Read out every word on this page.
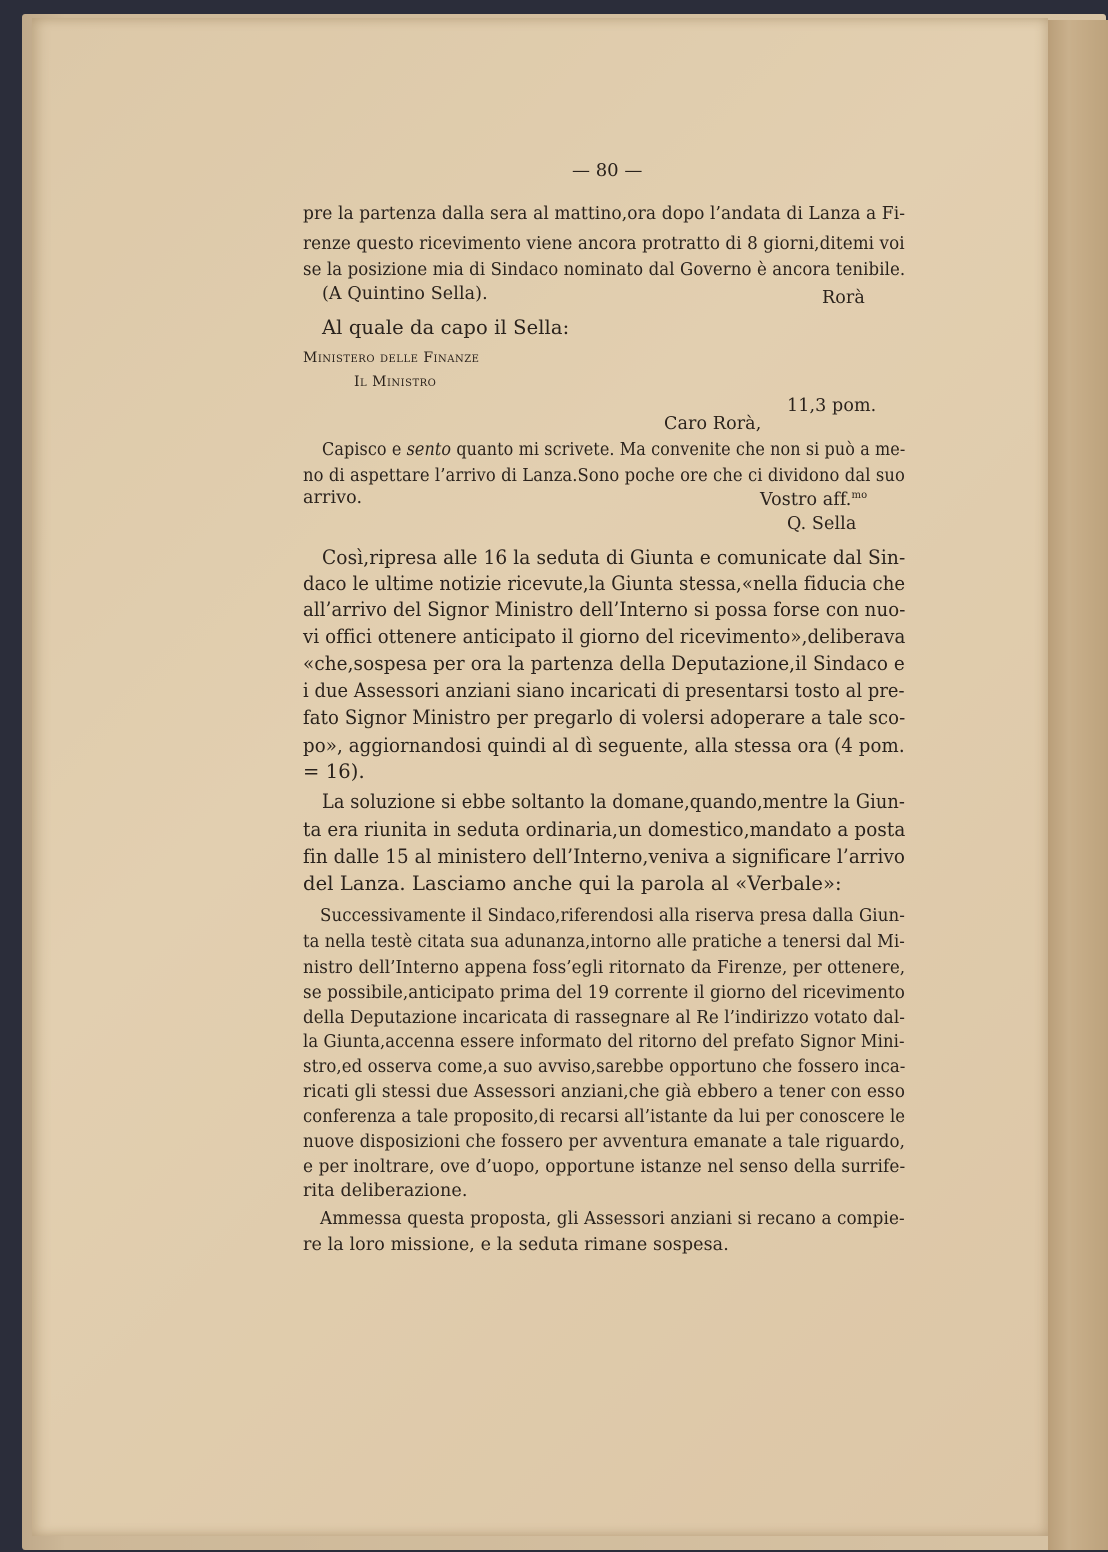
— 80 —
pre la partenza dalla sera al mattino,ora dopo l’andata di Lanza a Fi-
renze questo ricevimento viene ancora protratto di 8 giorni,ditemi voi
se la posizione mia di Sindaco nominato dal Governo è ancora tenibile.
(A Quintino Sella).	Rorà
Al quale da capo il Sella:
Ministero delle Finanze
Il Ministro
11,3 pom.
Caro Rorà,
Capisco e sento quanto mi scrivete. Ma convenite che non si può a me-
no di aspettare l’arrivo di Lanza.Sono poche ore che ci dividono dal suo
arrivo.	Vostro aff.$^{mo}$
Q. Sella
Così,ripresa alle 16 la seduta di Giunta e comunicate dal Sin-
daco le ultime notizie ricevute,la Giunta stessa,«nella fiducia che
all’arrivo del Signor Ministro dell’Interno si possa forse con nuo-
vi offici ottenere anticipato il giorno del ricevimento»,deliberava
«che,sospesa per ora la partenza della Deputazione,il Sindaco e
i due Assessori anziani siano incaricati di presentarsi tosto al pre-
fato Signor Ministro per pregarlo di volersi adoperare a tale sco-
po», aggiornandosi quindi al dì seguente, alla stessa ora (4 pom.
= 16).
La soluzione si ebbe soltanto la domane,quando,mentre la Giun-
ta era riunita in seduta ordinaria,un domestico,mandato a posta
fin dalle 15 al ministero dell’Interno,veniva a significare l’arrivo
del Lanza. Lasciamo anche qui la parola al «Verbale»:
Successivamente il Sindaco,riferendosi alla riserva presa dalla Giun-
ta nella testè citata sua adunanza,intorno alle pratiche a tenersi dal Mi-
nistro dell’Interno appena foss’egli ritornato da Firenze, per ottenere,
se possibile,anticipato prima del 19 corrente il giorno del ricevimento
della Deputazione incaricata di rassegnare al Re l’indirizzo votato dal-
la Giunta,accenna essere informato del ritorno del prefato Signor Mini-
stro,ed osserva come,a suo avviso,sarebbe opportuno che fossero inca-
ricati gli stessi due Assessori anziani,che già ebbero a tener con esso
conferenza a tale proposito,di recarsi all’istante da lui per conoscere le
nuove disposizioni che fossero per avventura emanate a tale riguardo,
e per inoltrare, ove d’uopo, opportune istanze nel senso della surrife-
rita deliberazione.
Ammessa questa proposta, gli Assessori anziani si recano a compie-
re la loro missione, e la seduta rimane sospesa.
